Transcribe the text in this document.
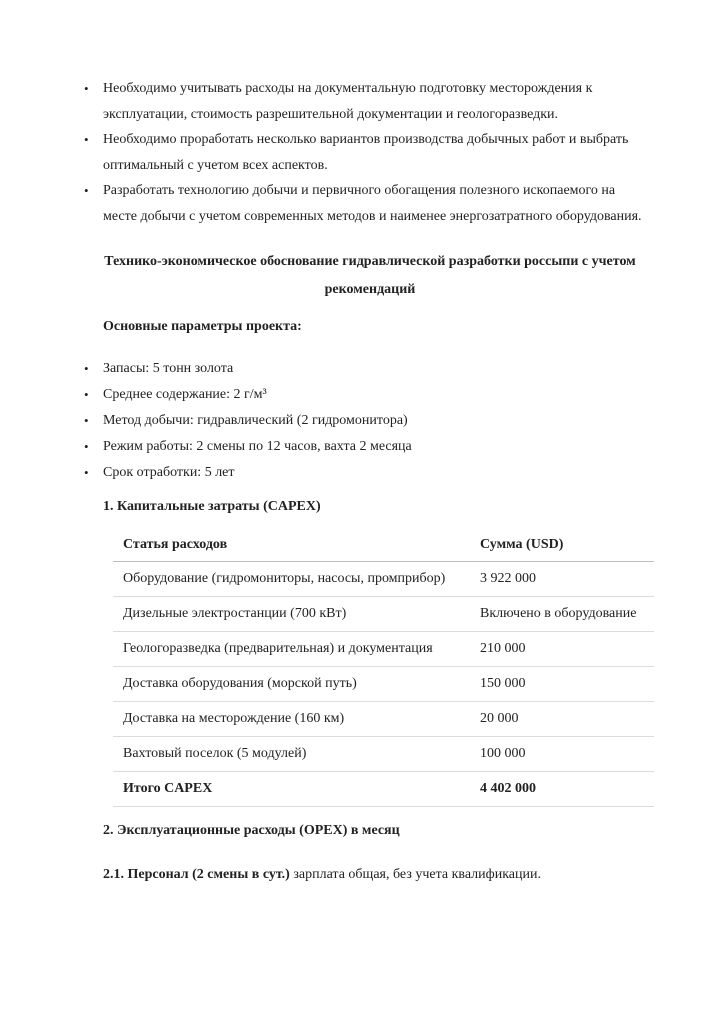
• Необходимо учитывать расходы на документальную подготовку месторождения к
эксплуатации, стоимость разрешительной документации и геологоразведки.
• Необходимо проработать несколько вариантов производства добычных работ и выбрать
оптимальный с учетом всех аспектов.
• Разработать технологию добычи и первичного обогащения полезного ископаемого на
месте добычи с учетом современных методов и наименее энергозатратного оборудования.
Технико-экономическое обоснование гидравлической разработки россыпи с учетом
рекомендаций
Основные параметры проекта:
• Запасы: 5 тонн золота
• Среднее содержание: 2 г/м³
• Метод добычи: гидравлический (2 гидромонитора)
• Режим работы: 2 смены по 12 часов, вахта 2 месяца
• Срок отработки: 5 лет
1. Капитальные затраты (CAPEX)
Статья расходов	Сумма (USD)
Оборудование (гидромониторы, насосы, промприбор)	3 922 000
Дизельные электростанции (700 кВт)	Включено в оборудование
Геологоразведка (предварительная) и документация	210 000
Доставка оборудования (морской путь)	150 000
Доставка на месторождение (160 км)	20 000
Вахтовый поселок (5 модулей)	100 000
Итого CAPEX	4 402 000
2. Эксплуатационные расходы (OPEX) в месяц
2.1. Персонал (2 смены в сут.) зарплата общая, без учета квалификации.
